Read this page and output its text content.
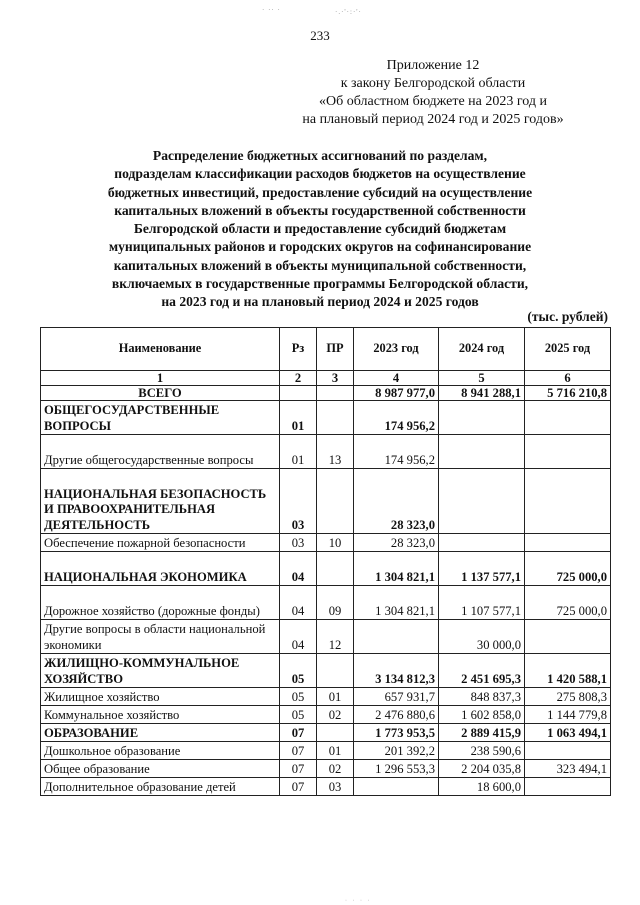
· ·· ·	·.·'·:·'·
233
Приложение 12
к закону Белгородской области
«Об областном бюджете на 2023 год и
на плановый период 2024 год и 2025 годов»
Распределение бюджетных ассигнований по разделам,
подразделам классификации расходов бюджетов на осуществление
бюджетных инвестиций, предоставление субсидий на осуществление
капитальных вложений в объекты государственной собственности
Белгородской области и предоставление субсидий бюджетам
муниципальных районов и городских округов на софинансирование
капитальных вложений в объекты муниципальной собственности,
включаемых в государственные программы Белгородской области,
на 2023 год и на плановый период 2024 и 2025 годов
(тыс. рублей)
Наименование	Рз	ПР	2023 год	2024 год	2025 год
1	2	3	4	5	6
ВСЕГО			8 987 977,0	8 941 288,1	5 716 210,8
ОБЩЕГОСУДАРСТВЕННЫЕ ВОПРОСЫ	01		174 956,2		
Другие общегосударственные вопросы	01	13	174 956,2		
НАЦИОНАЛЬНАЯ БЕЗОПАСНОСТЬ И ПРАВООХРАНИТЕЛЬНАЯ ДЕЯТЕЛЬНОСТЬ	03		28 323,0		
Обеспечение пожарной безопасности	03	10	28 323,0		
НАЦИОНАЛЬНАЯ ЭКОНОМИКА	04		1 304 821,1	1 137 577,1	725 000,0
Дорожное хозяйство (дорожные фонды)	04	09	1 304 821,1	1 107 577,1	725 000,0
Другие вопросы в области национальной экономики	04	12		30 000,0	
ЖИЛИЩНО-КОММУНАЛЬНОЕ ХОЗЯЙСТВО	05		3 134 812,3	2 451 695,3	1 420 588,1
Жилищное хозяйство	05	01	657 931,7	848 837,3	275 808,3
Коммунальное хозяйство	05	02	2 476 880,6	1 602 858,0	1 144 779,8
ОБРАЗОВАНИЕ	07		1 773 953,5	2 889 415,9	1 063 494,1
Дошкольное образование	07	01	201 392,2	238 590,6	
Общее образование	07	02	1 296 553,3	2 204 035,8	323 494,1
Дополнительное образование детей	07	03		18 600,0	
· · · ·
